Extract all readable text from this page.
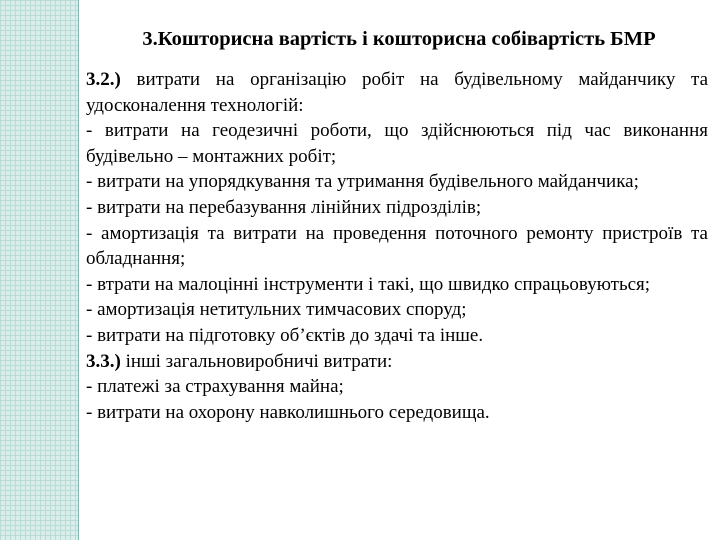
3.Кошторисна вартість і кошторисна собівартість БМР

3.2.) витрати на організацію робіт на будівельному майданчику та удосконалення технологій:

- витрати на геодезичні роботи, що здійснюються під час виконання будівельно – монтажних робіт;

- витрати на упорядкування та утримання будівельного майданчика;

- витрати на перебазування лінійних підрозділів;

- амортизація та витрати на проведення поточного ремонту пристроїв та обладнання;

- втрати на малоцінні інструменти і такі, що швидко спрацьовуються;

- амортизація нетитульних тимчасових споруд;

- витрати на підготовку об’єктів до здачі та інше.

3.3.) інші загальновиробничі витрати:

- платежі за страхування майна;

- витрати на охорону навколишнього середовища.
